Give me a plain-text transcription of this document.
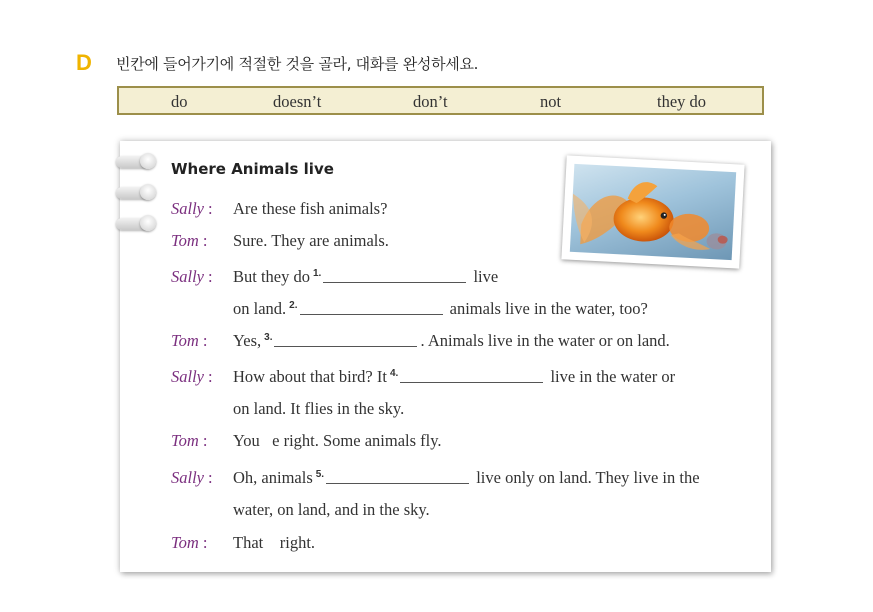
D 빈칸에 들어가기에 적절한 것을 골라, 대화를 완성하세요.
do	doesn’t	don’t	not	they do
Where Animals live
Sally : Are these fish animals?
Tom : Sure. They are animals.
Sally : But they do $^{1.}$	live
on land. $^{2.}$	animals live in the water, too?
Tom : Yes, $^{3.}$	. Animals live in the water or on land.
Sally : How about that bird? It $^{4.}$	live in the water or
on land. It flies in the sky.
Tom : You   e right. Some animals fly.
Sally : Oh, animals $^{5.}$	live only on land. They live in the
water, on land, and in the sky.
Tom : That    right.
